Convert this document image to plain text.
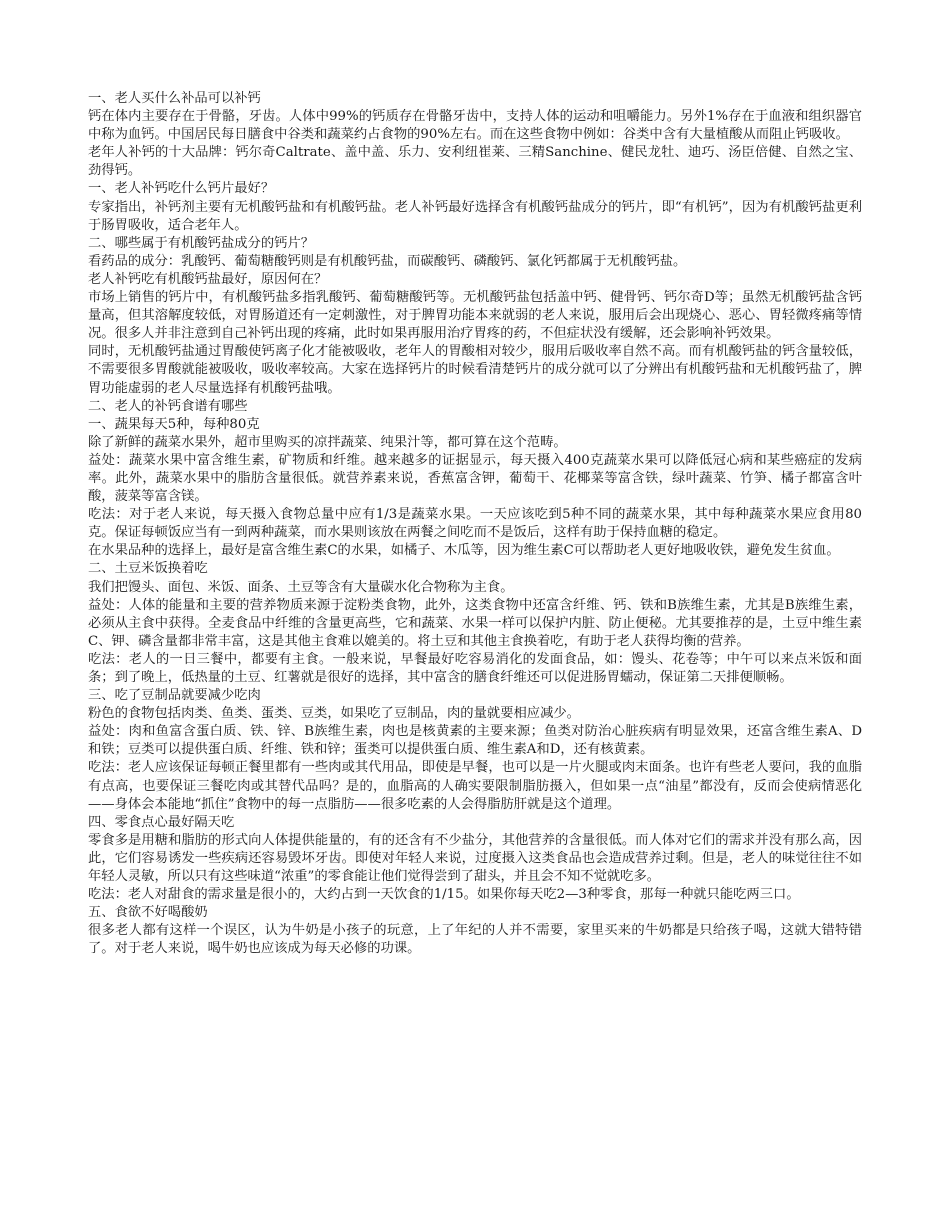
一、老人买什么补品可以补钙

钙在体内主要存在于骨骼，牙齿。人体中99%的钙质存在骨骼牙齿中，支持人体的运动和咀嚼能力。另外1%存在于血液和组织器官中称为血钙。中国居民每日膳食中谷类和蔬菜约占食物的90%左右。而在这些食物中例如：谷类中含有大量植酸从而阻止钙吸收。

老年人补钙的十大品牌：钙尔奇Caltrate、盖中盖、乐力、安利纽崔莱、三精Sanchine、健民龙牡、迪巧、汤臣倍健、自然之宝、劲得钙。

一、老人补钙吃什么钙片最好？

专家指出，补钙剂主要有无机酸钙盐和有机酸钙盐。老人补钙最好选择含有机酸钙盐成分的钙片，即“有机钙”，因为有机酸钙盐更利于肠胃吸收，适合老年人。

二、哪些属于有机酸钙盐成分的钙片？

看药品的成分：乳酸钙、葡萄糖酸钙则是有机酸钙盐，而碳酸钙、磷酸钙、氯化钙都属于无机酸钙盐。

老人补钙吃有机酸钙盐最好，原因何在？

市场上销售的钙片中，有机酸钙盐多指乳酸钙、葡萄糖酸钙等。无机酸钙盐包括盖中钙、健骨钙、钙尔奇D等；虽然无机酸钙盐含钙量高，但其溶解度较低，对胃肠道还有一定刺激性，对于脾胃功能本来就弱的老人来说，服用后会出现烧心、恶心、胃轻微疼痛等情况。很多人并非注意到自己补钙出现的疼痛，此时如果再服用治疗胃疼的药，不但症状没有缓解，还会影响补钙效果。

同时，无机酸钙盐通过胃酸使钙离子化才能被吸收，老年人的胃酸相对较少，服用后吸收率自然不高。而有机酸钙盐的钙含量较低，不需要很多胃酸就能被吸收，吸收率较高。大家在选择钙片的时候看清楚钙片的成分就可以了分辨出有机酸钙盐和无机酸钙盐了，脾胃功能虚弱的老人尽量选择有机酸钙盐哦。

二、老人的补钙食谱有哪些

一、蔬果每天5种，每种80克

除了新鲜的蔬菜水果外，超市里购买的凉拌蔬菜、纯果汁等，都可算在这个范畴。

益处：蔬菜水果中富含维生素，矿物质和纤维。越来越多的证据显示，每天摄入400克蔬菜水果可以降低冠心病和某些癌症的发病率。此外，蔬菜水果中的脂肪含量很低。就营养素来说，香蕉富含钾，葡萄干、花椰菜等富含铁，绿叶蔬菜、竹笋、橘子都富含叶酸，菠菜等富含镁。

吃法：对于老人来说，每天摄入食物总量中应有1/3是蔬菜水果。一天应该吃到5种不同的蔬菜水果，其中每种蔬菜水果应食用80克。保证每顿饭应当有一到两种蔬菜，而水果则该放在两餐之间吃而不是饭后，这样有助于保持血糖的稳定。

在水果品种的选择上，最好是富含维生素C的水果，如橘子、木瓜等，因为维生素C可以帮助老人更好地吸收铁，避免发生贫血。

二、土豆米饭换着吃

我们把馒头、面包、米饭、面条、土豆等含有大量碳水化合物称为主食。

益处：人体的能量和主要的营养物质来源于淀粉类食物，此外，这类食物中还富含纤维、钙、铁和B族维生素，尤其是B族维生素，必须从主食中获得。全麦食品中纤维的含量更高些，它和蔬菜、水果一样可以保护内脏、防止便秘。尤其要推荐的是，土豆中维生素C、钾、磷含量都非常丰富，这是其他主食难以媲美的。将土豆和其他主食换着吃，有助于老人获得均衡的营养。

吃法：老人的一日三餐中，都要有主食。一般来说，早餐最好吃容易消化的发面食品，如：馒头、花卷等；中午可以来点米饭和面条；到了晚上，低热量的土豆、红薯就是很好的选择，其中富含的膳食纤维还可以促进肠胃蠕动，保证第二天排便顺畅。

三、吃了豆制品就要减少吃肉

粉色的食物包括肉类、鱼类、蛋类、豆类，如果吃了豆制品，肉的量就要相应减少。

益处：肉和鱼富含蛋白质、铁、锌、B族维生素，肉也是核黄素的主要来源；鱼类对防治心脏疾病有明显效果，还富含维生素A、D和铁；豆类可以提供蛋白质、纤维、铁和锌；蛋类可以提供蛋白质、维生素A和D，还有核黄素。

吃法：老人应该保证每顿正餐里都有一些肉或其代用品，即使是早餐，也可以是一片火腿或肉末面条。也许有些老人要问，我的血脂有点高，也要保证三餐吃肉或其替代品吗？是的，血脂高的人确实要限制脂肪摄入，但如果一点“油星”都没有，反而会使病情恶化——身体会本能地“抓住”食物中的每一点脂肪——很多吃素的人会得脂肪肝就是这个道理。

四、零食点心最好隔天吃

零食多是用糖和脂肪的形式向人体提供能量的，有的还含有不少盐分，其他营养的含量很低。而人体对它们的需求并没有那么高，因此，它们容易诱发一些疾病还容易毁坏牙齿。即使对年轻人来说，过度摄入这类食品也会造成营养过剩。但是，老人的味觉往往不如年轻人灵敏，所以只有这些味道“浓重”的零食能让他们觉得尝到了甜头，并且会不知不觉就吃多。

吃法：老人对甜食的需求量是很小的，大约占到一天饮食的1/15。如果你每天吃2—3种零食，那每一种就只能吃两三口。

五、食欲不好喝酸奶

很多老人都有这样一个误区，认为牛奶是小孩子的玩意，上了年纪的人并不需要，家里买来的牛奶都是只给孩子喝，这就大错特错了。对于老人来说，喝牛奶也应该成为每天必修的功课。
